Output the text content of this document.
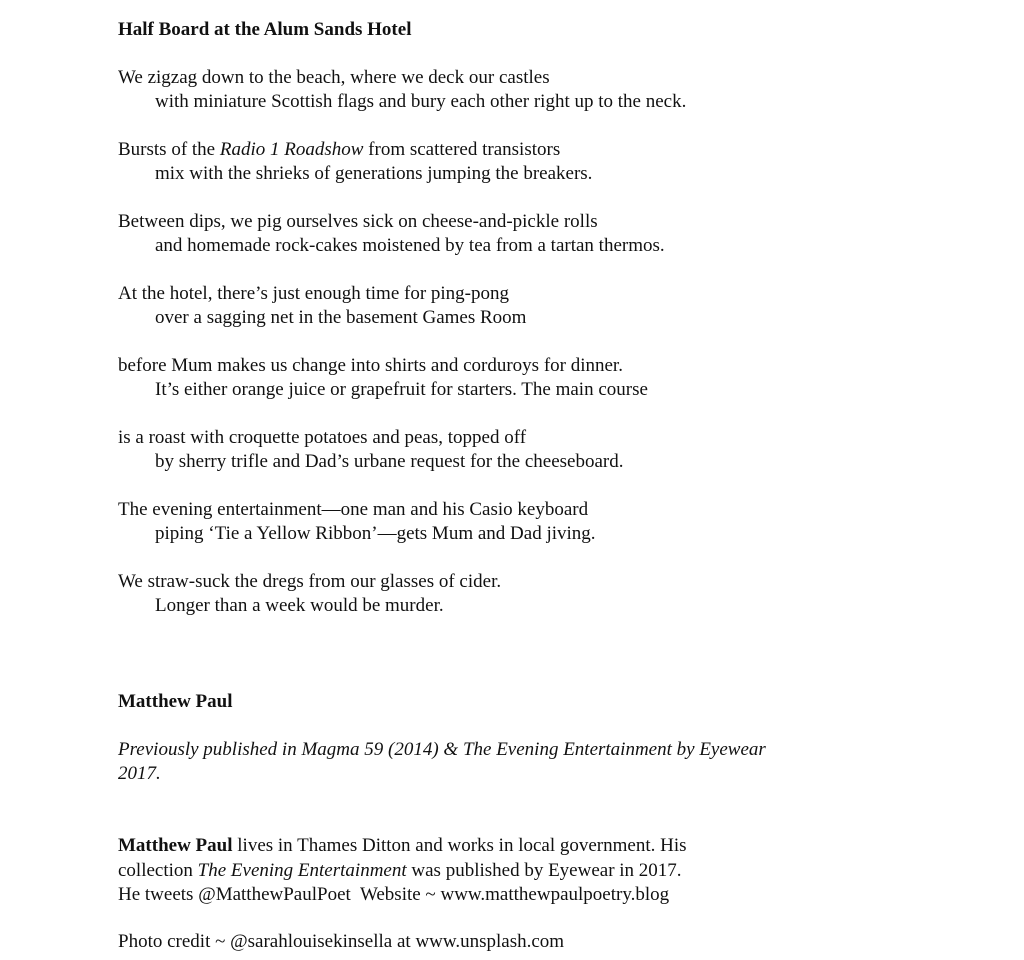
Half Board at the Alum Sands Hotel
We zigzag down to the beach, where we deck our castles
with miniature Scottish flags and bury each other right up to the neck.
Bursts of the Radio 1 Roadshow from scattered transistors
mix with the shrieks of generations jumping the breakers.
Between dips, we pig ourselves sick on cheese-and-pickle rolls
and homemade rock-cakes moistened by tea from a tartan thermos.
At the hotel, there’s just enough time for ping-pong
over a sagging net in the basement Games Room
before Mum makes us change into shirts and corduroys for dinner.
It’s either orange juice or grapefruit for starters. The main course
is a roast with croquette potatoes and peas, topped off
by sherry trifle and Dad’s urbane request for the cheeseboard.
The evening entertainment—one man and his Casio keyboard
piping ‘Tie a Yellow Ribbon’—gets Mum and Dad jiving.
We straw-suck the dregs from our glasses of cider.
Longer than a week would be murder.
Matthew Paul
Previously published in Magma 59 (2014) & The Evening Entertainment by Eyewear 2017.
Matthew Paul lives in Thames Ditton and works in local government. His
collection The Evening Entertainment was published by Eyewear in 2017.
He tweets @MatthewPaulPoet  Website ~ www.matthewpaulpoetry.blog
Photo credit ~ @sarahlouisekinsella at www.unsplash.com
